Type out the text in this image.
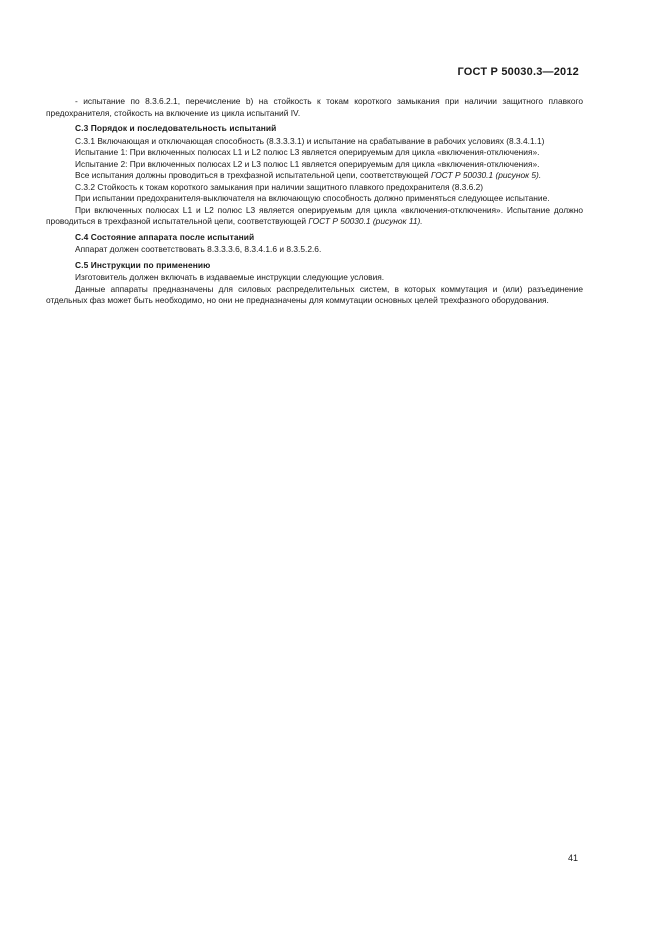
ГОСТ Р 50030.3—2012

- испытание по 8.3.6.2.1, перечисление b) на стойкость к токам короткого замыкания при наличии защитного плавкого предохранителя, стойкость на включение из цикла испытаний IV.

C.3 Порядок и последовательность испытаний

C.3.1 Включающая и отключающая способность (8.3.3.3.1) и испытание на срабатывание в рабочих условиях (8.3.4.1.1)

Испытание 1: При включенных полюсах L1 и L2 полюс L3 является оперируемым для цикла «включения-отключения».

Испытание 2: При включенных полюсах L2 и L3 полюс L1 является оперируемым для цикла «включения-отключения».

Все испытания должны проводиться в трехфазной испытательной цепи, соответствующей ГОСТ Р 50030.1 (рисунок 5).

C.3.2 Стойкость к токам короткого замыкания при наличии защитного плавкого предохранителя (8.3.6.2)

При испытании предохранителя-выключателя на включающую способность должно применяться следующее испытание.

При включенных полюсах L1 и L2 полюс L3 является оперируемым для цикла «включения-отключения». Испытание должно проводиться в трехфазной испытательной цепи, соответствующей ГОСТ Р 50030.1 (рисунок 11).

C.4 Состояние аппарата после испытаний

Аппарат должен соответствовать 8.3.3.3.6, 8.3.4.1.6 и 8.3.5.2.6.

C.5 Инструкции по применению

Изготовитель должен включать в издаваемые инструкции следующие условия.

Данные аппараты предназначены для силовых распределительных систем, в которых коммутация и (или) разъединение отдельных фаз может быть необходимо, но они не предназначены для коммутации основных целей трехфазного оборудования.

41
